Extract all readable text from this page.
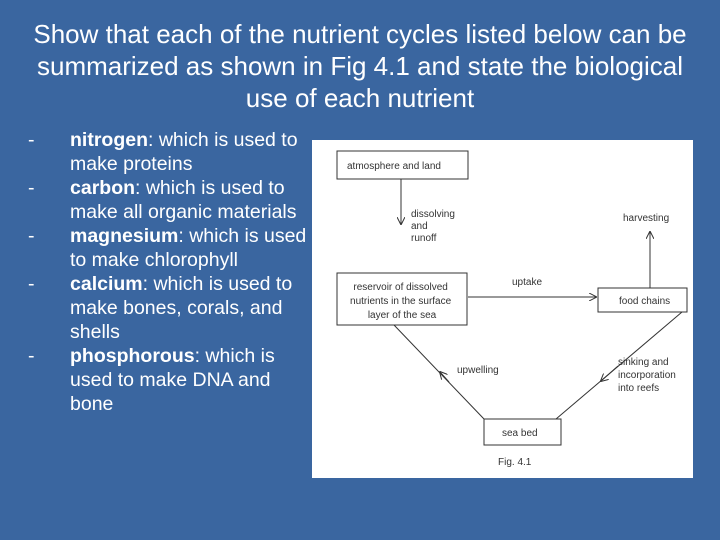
Show that each of the nutrient cycles listed below can be summarized as shown in Fig 4.1 and state the biological use of each nutrient
- nitrogen: which is used to make proteins
- carbon: which is used to make all organic materials
- magnesium: which is used to make chlorophyll
- calcium: which is used to make bones, corals, and shells
- phosphorous: which is used to make DNA and bone
atmosphere and land
reservoir of dissolved nutrients in the surface layer of the sea
food chains
sea bed
dissolving and runoff
uptake
harvesting
upwelling
sinking and incorporation into reefs
Fig. 4.1
